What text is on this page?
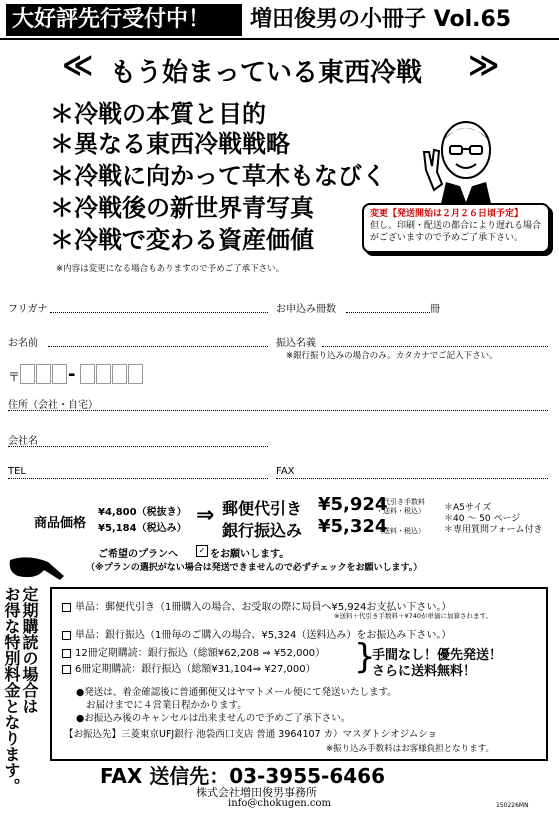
大好評先行受付中！	増田俊男の小冊子 Vol.65
≪ もう始まっている東西冷戦 ≫
＊冷戦の本質と目的
＊異なる東西冷戦戦略
＊冷戦に向かって草木もなびく
＊冷戦後の新世界青写真
＊冷戦で変わる資産価値
※内容は変更になる場合もありますので予めご了承下さい。
変更【発送開始は２月２６日頃予定】
但し、印刷・配送の都合により遅れる場合がございますので予めご了承下さい。
フリガナ	お申込み冊数	冊
お名前	振込名義
※銀行振り込みの場合のみ。カタカナでご記入下さい。
〒	-
住所（会社・自宅）
会社名
TEL	FAX
商品価格
¥4,800（税抜き）
¥5,184（税込み）
⇒ 郵便代引き ¥5,924
（代引き手数料
・送料・税込）
銀行振込み ¥5,324
（送料・税込）
＊A5サイズ
＊40 ～ 50 ページ
＊専用質問フォーム付き
ご希望のプランへ	✓ をお願いします。
（※プランの選択がない場合は発送できませんので必ずチェックをお願いします。）
定期購読の場合は
お得な特別料金となります。	単品：郵便代引き（1冊購入の場合、お受取の際に局員へ¥5,924お支払い下さい。）
※送料＋代引き手数料＋¥740が単価に加算されます。
単品：銀行振込（1冊毎のご購入の場合、¥5,324（送料込み）をお振込み下さい。）
12冊定期購読：銀行振込（総額¥62,208 ⇒ ¥52,000）
6冊定期購読：銀行振込（総額¥31,104⇒ ¥27,000） }
手間なし！優先発送！
さらに送料無料！
●発送は、着金確認後に普通郵便又はヤマトメール便にて発送いたします。
お届けまでに４営業日程かかります。
●お振込み後のキャンセルは出来ませんので予めご了承下さい。
【お振込先】三菱東京UFJ銀行 池袋西口支店 普通 3964107 カ）マスダトシオジムショ
※振り込み手数料はお客様負担となります。
FAX 送信先：03-3955-6466
株式会社増田俊男事務所
info@chokugen.com	150226MN
